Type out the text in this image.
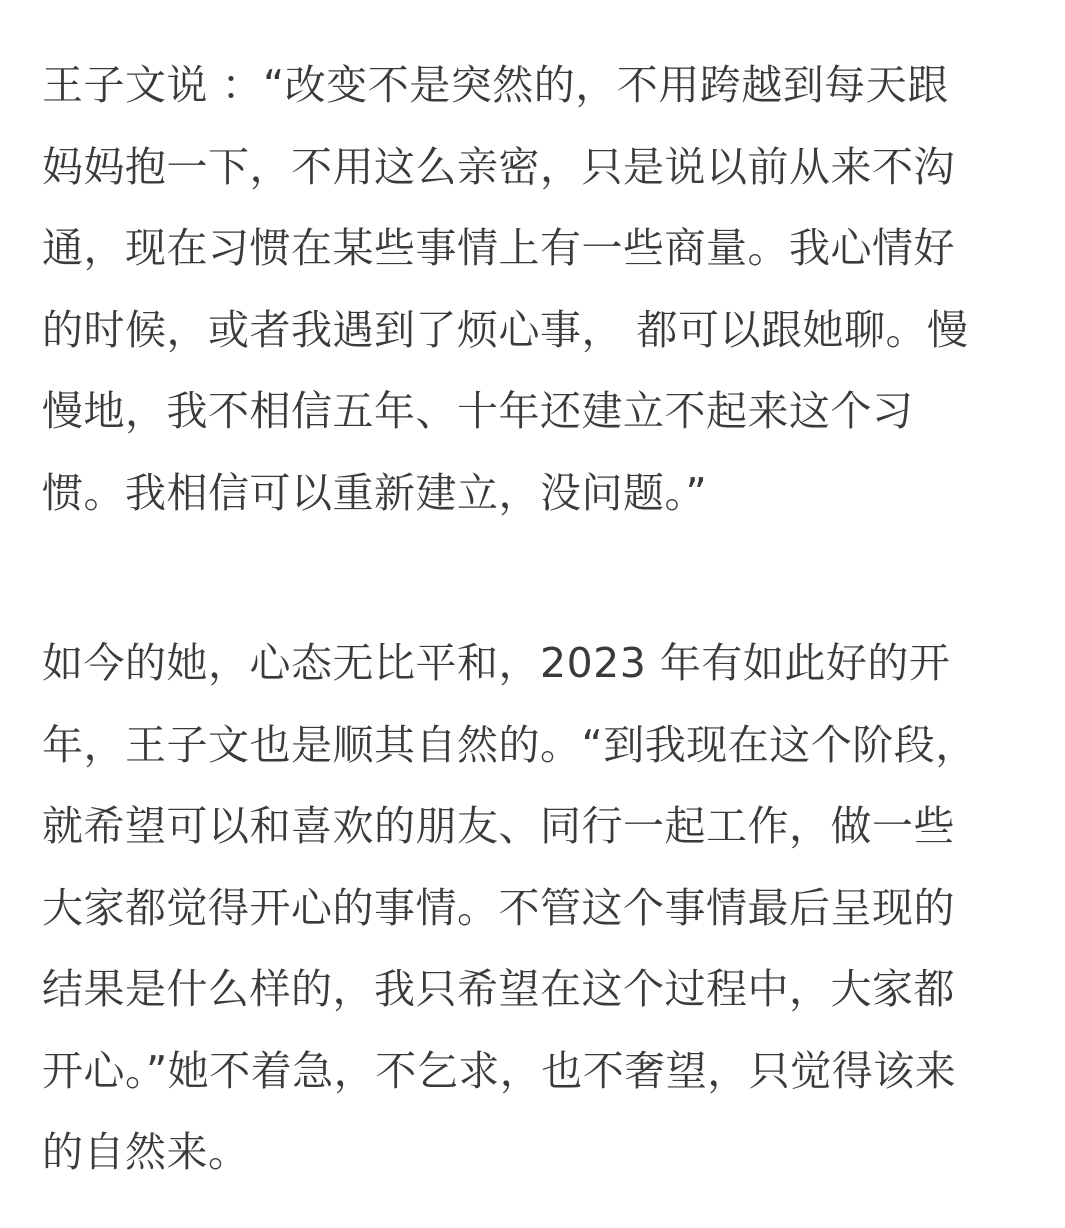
王子文说 ：“改变不是突然的，不用跨越到每天跟
妈妈抱一下，不用这么亲密，只是说以前从来不沟
通，现在习惯在某些事情上有一些商量。我心情好
的时候，或者我遇到了烦心事， 都可以跟她聊。慢
慢地，我不相信五年、十年还建立不起来这个习
惯。我相信可以重新建立，没问题。”

如今的她，心态无比平和，2023 年有如此好的开
年，王子文也是顺其自然的。“到我现在这个阶段，
就希望可以和喜欢的朋友、同行一起工作，做一些
大家都觉得开心的事情。不管这个事情最后呈现的
结果是什么样的，我只希望在这个过程中，大家都
开心。”她不着急，不乞求，也不奢望，只觉得该来
的自然来。
